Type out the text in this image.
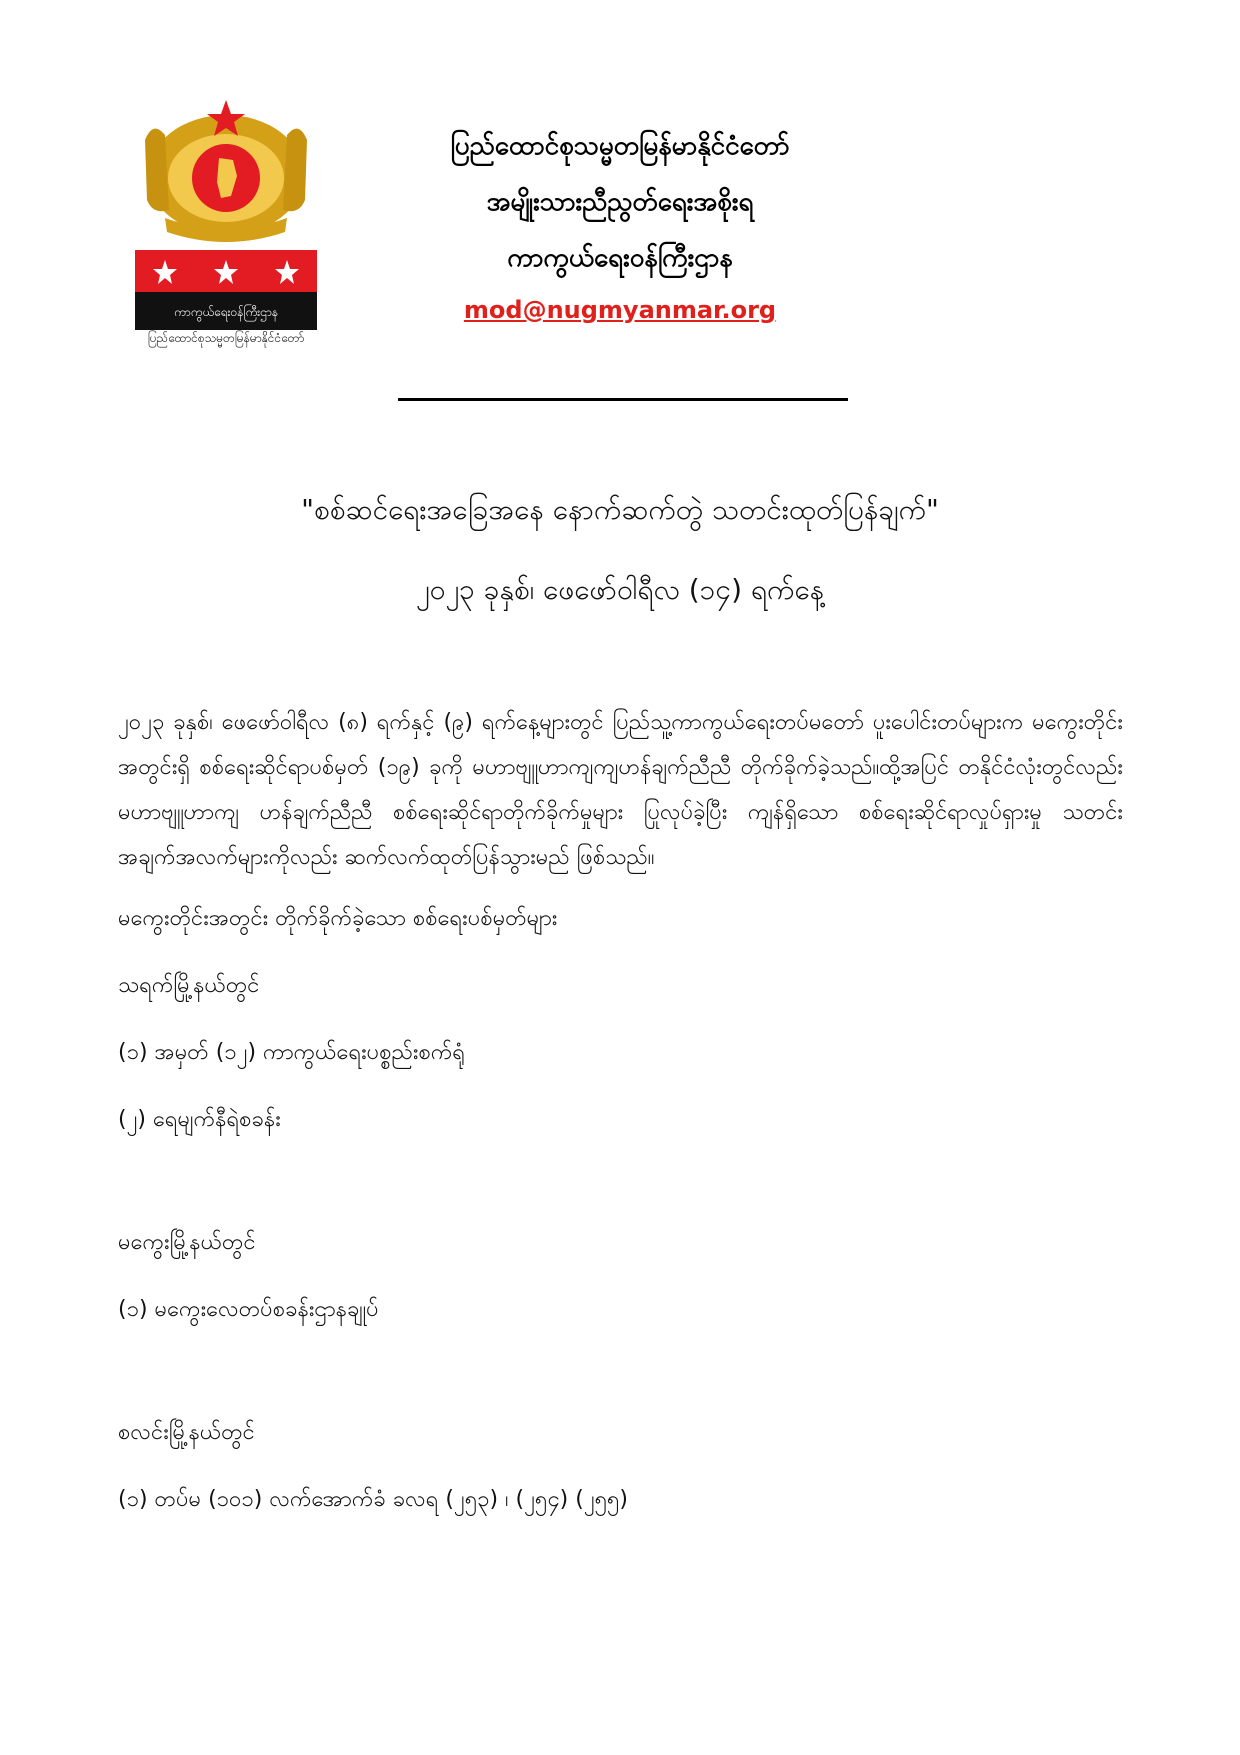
ကာကွယ်ရေးဝန်ကြီးဌာန
ပြည်ထောင်စုသမ္မတမြန်မာနိုင်ငံတော်
ပြည်ထောင်စုသမ္မတမြန်မာနိုင်ငံတော်
အမျိုးသားညီညွတ်ရေးအစိုးရ
ကာကွယ်ရေးဝန်ကြီးဌာန
mod@nugmyanmar.org
"စစ်ဆင်ရေးအခြေအနေ နောက်ဆက်တွဲ သတင်းထုတ်ပြန်ချက်"
၂၀၂၃ ခုနှစ်၊ ဖေဖော်ဝါရီလ (၁၄) ရက်နေ့

၂၀၂၃ ခုနှစ်၊ ဖေဖော်ဝါရီလ (၈) ရက်နှင့် (၉) ရက်နေ့များတွင် ပြည်သူ့ကာကွယ်ရေးတပ်မတော် ပူးပေါင်းတပ်များက မကွေးတိုင်းအတွင်းရှိ စစ်ရေးဆိုင်ရာပစ်မှတ် (၁၉) ခုကို မဟာဗျူဟာကျကျဟန်ချက်ညီညီ တိုက်ခိုက်ခဲ့သည်။ထို့အပြင် တနိုင်ငံလုံးတွင်လည်း မဟာဗျူဟာကျ ဟန်ချက်ညီညီ စစ်ရေးဆိုင်ရာတိုက်ခိုက်မှုများ ပြုလုပ်ခဲ့ပြီး ကျန်ရှိသော စစ်ရေးဆိုင်ရာလှုပ်ရှားမှု သတင်းအချက်အလက်များကိုလည်း ဆက်လက်ထုတ်ပြန်သွားမည် ဖြစ်သည်။

မကွေးတိုင်းအတွင်း တိုက်ခိုက်ခဲ့သော စစ်ရေးပစ်မှတ်များ
သရက်မြို့နယ်တွင်
(၁) အမှတ် (၁၂) ကာကွယ်ရေးပစ္စည်းစက်ရုံ
(၂) ရေမျက်နီရဲစခန်း
မကွေးမြို့နယ်တွင်
(၁) မကွေးလေတပ်စခန်းဌာနချုပ်
စလင်းမြို့နယ်တွင်
(၁) တပ်မ (၁၀၁) လက်အောက်ခံ ခလရ (၂၅၃) ၊ (၂၅၄) (၂၅၅)
